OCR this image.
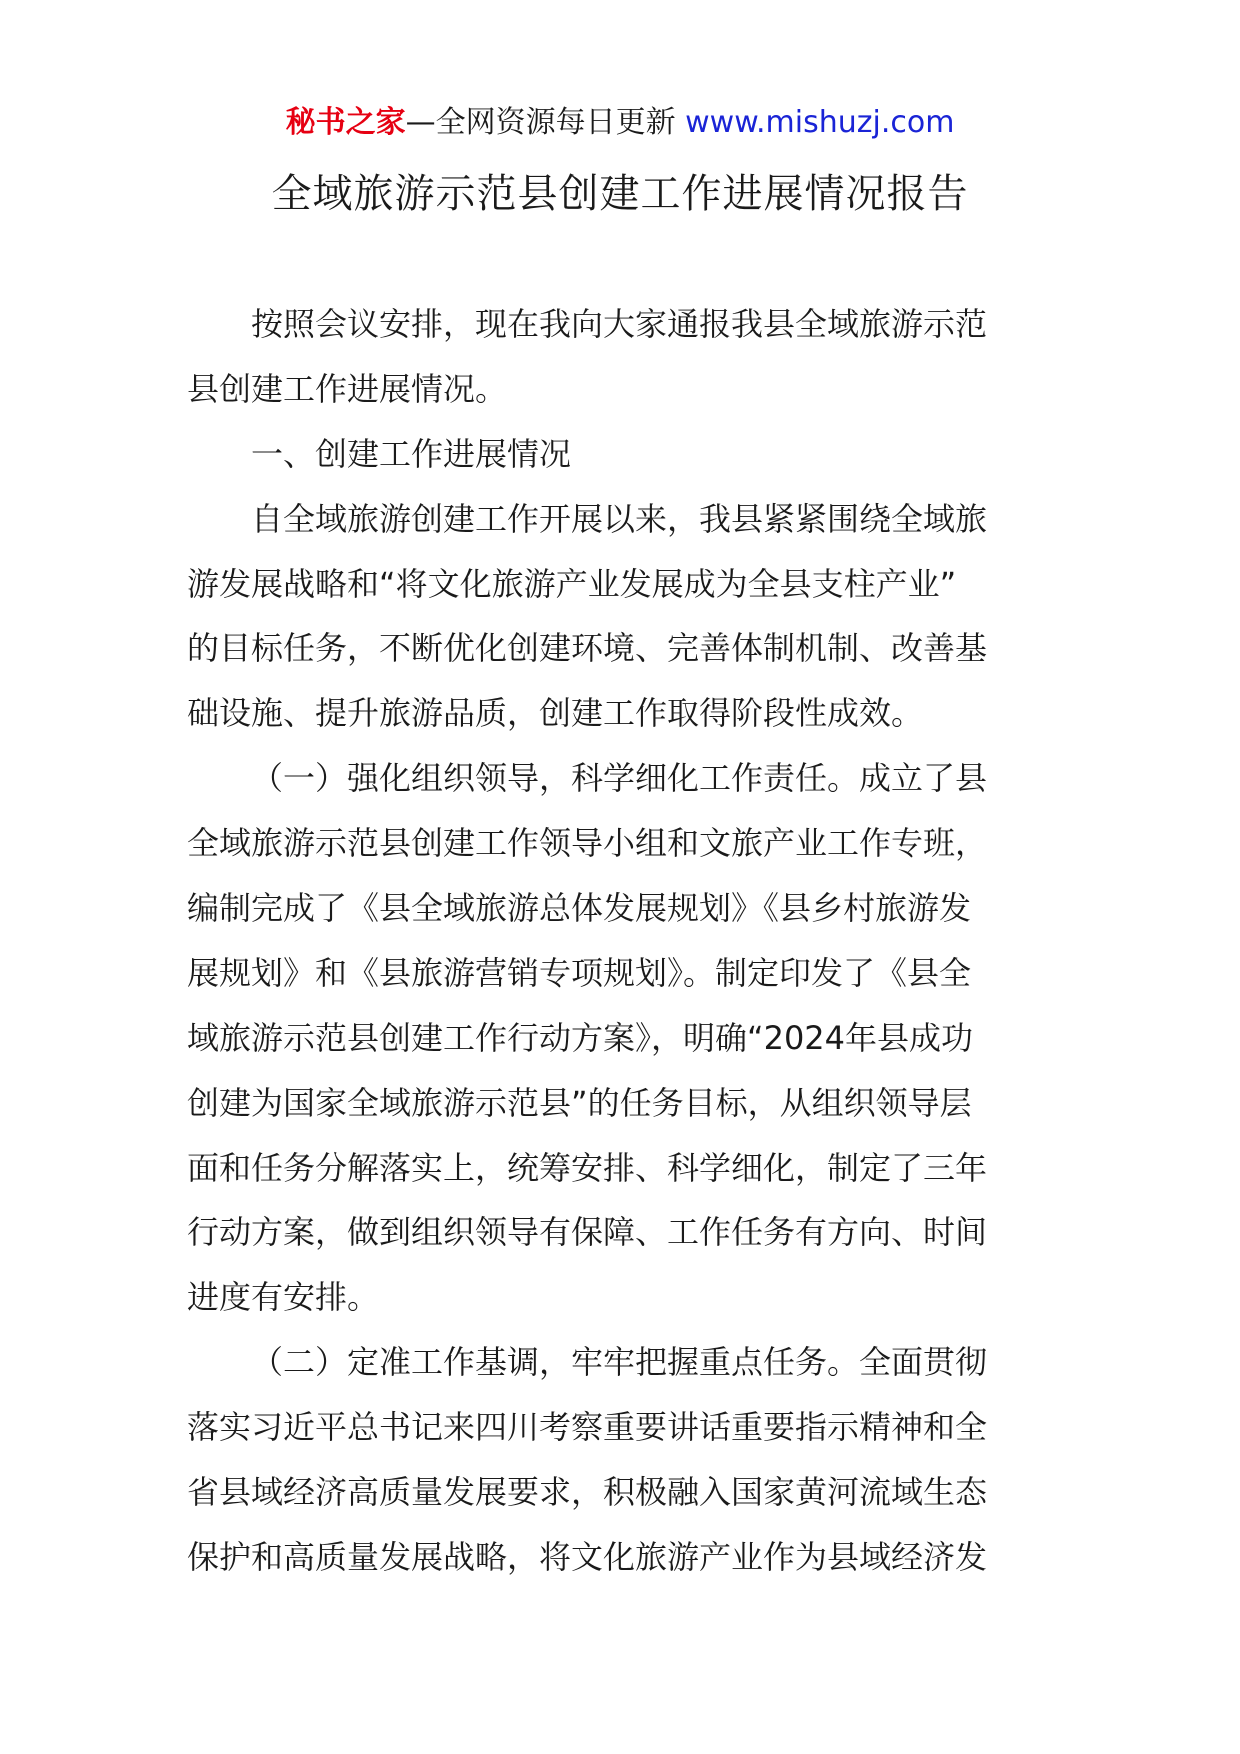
秘书之家—全网资源每日更新 www.mishuzj.com
全域旅游示范县创建工作进展情况报告
按照会议安排，现在我向大家通报我县全域旅游示范
县创建工作进展情况。
一、创建工作进展情况
自全域旅游创建工作开展以来，我县紧紧围绕全域旅
游发展战略和“将文化旅游产业发展成为全县支柱产业”
的目标任务，不断优化创建环境、完善体制机制、改善基
础设施、提升旅游品质，创建工作取得阶段性成效。
（一）强化组织领导，科学细化工作责任。成立了县
全域旅游示范县创建工作领导小组和文旅产业工作专班，
编制完成了《县全域旅游总体发展规划》《县乡村旅游发
展规划》和《县旅游营销专项规划》。制定印发了《县全
域旅游示范县创建工作行动方案》，明确“2024年县成功
创建为国家全域旅游示范县”的任务目标，从组织领导层
面和任务分解落实上，统筹安排、科学细化，制定了三年
行动方案，做到组织领导有保障、工作任务有方向、时间
进度有安排。
（二）定准工作基调，牢牢把握重点任务。全面贯彻
落实习近平总书记来四川考察重要讲话重要指示精神和全
省县域经济高质量发展要求，积极融入国家黄河流域生态
保护和高质量发展战略，将文化旅游产业作为县域经济发
